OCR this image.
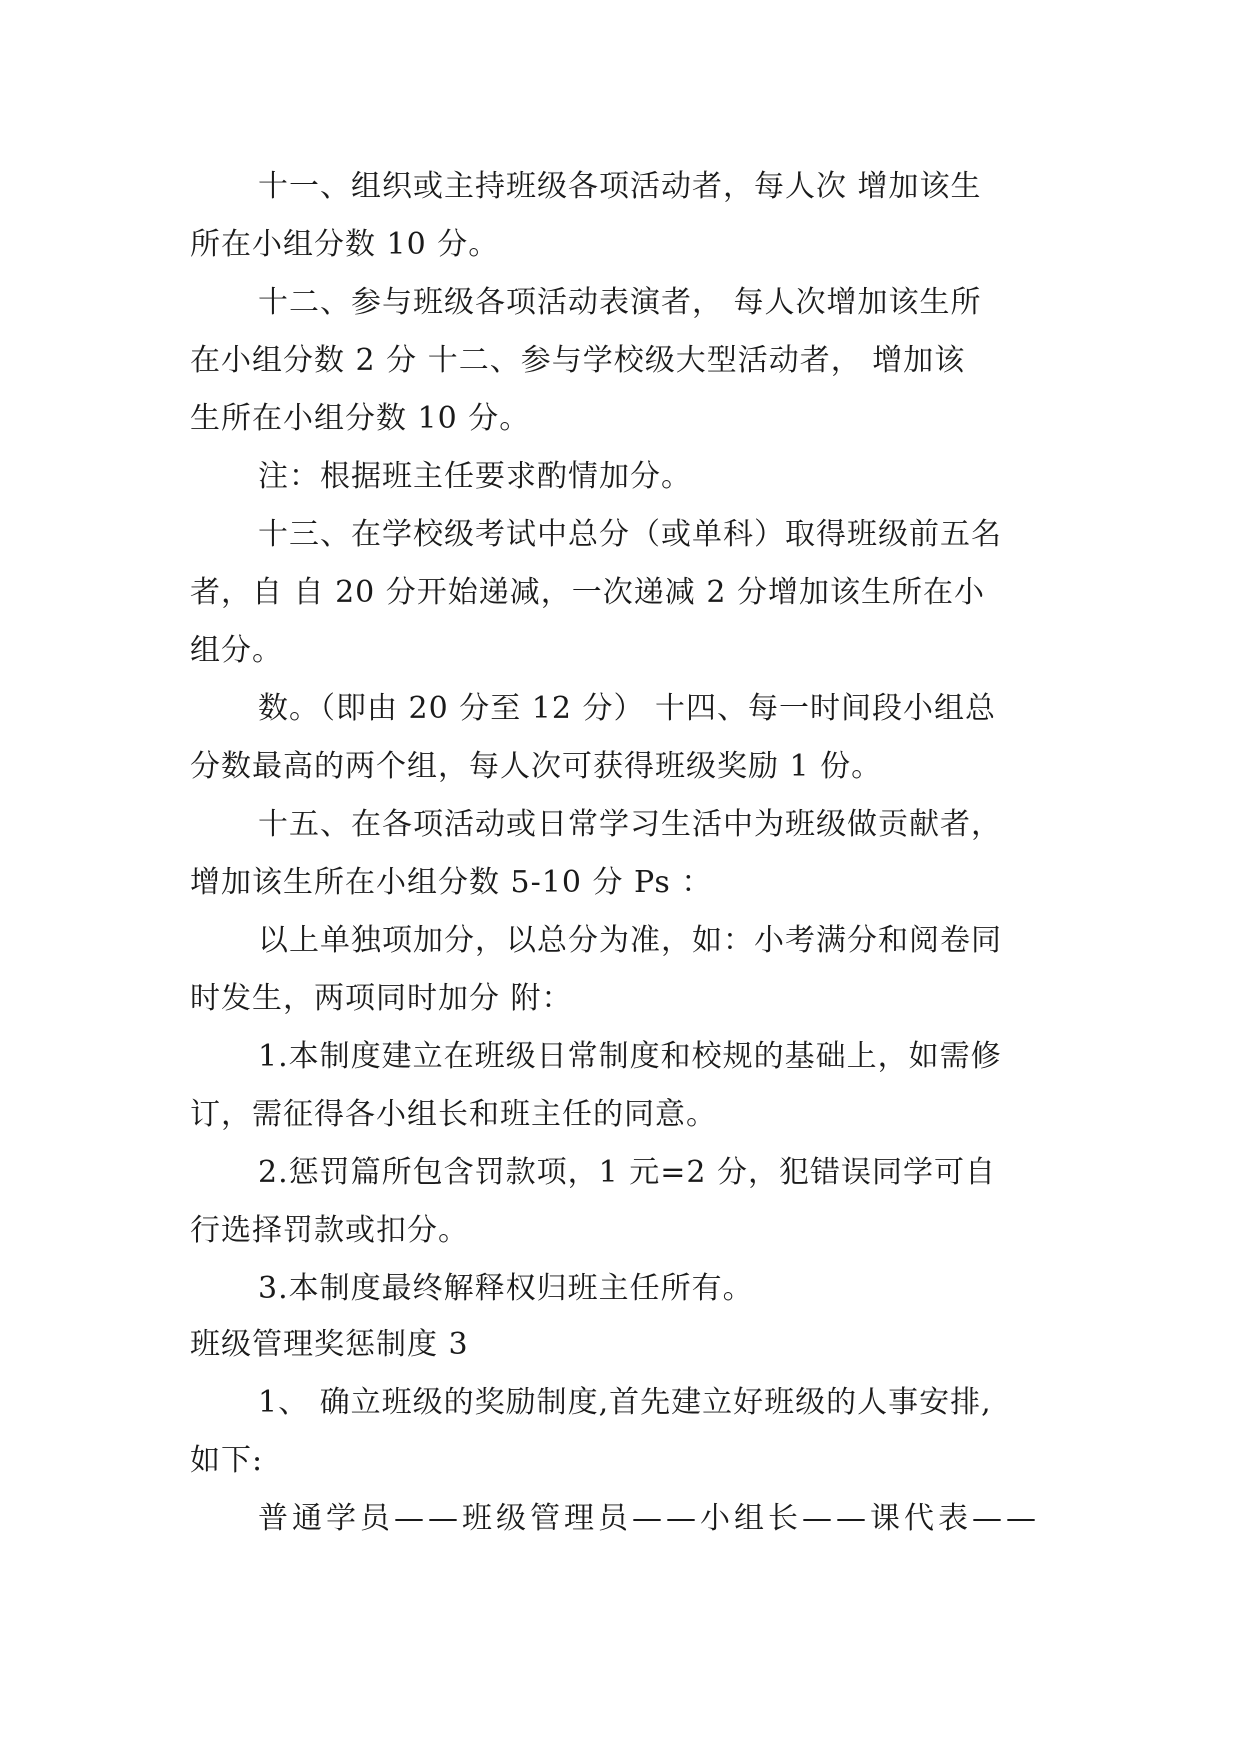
十一、组织或主持班级各项活动者，每人次 增加该生
所在小组分数 10 分。
十二、参与班级各项活动表演者， 每人次增加该生所
在小组分数 2 分 十二、参与学校级大型活动者， 增加该
生所在小组分数 10 分。
注：根据班主任要求酌情加分。
十三、在学校级考试中总分（或单科）取得班级前五名
者，自 自 20 分开始递减，一次递减 2 分增加该生所在小
组分。
数。（即由 20 分至 12 分） 十四、每一时间段小组总
分数最高的两个组，每人次可获得班级奖励 1 份。
十五、在各项活动或日常学习生活中为班级做贡献者，
增加该生所在小组分数 5-10 分 Ps ：
以上单独项加分，以总分为准，如：小考满分和阅卷同
时发生，两项同时加分 附：
1.本制度建立在班级日常制度和校规的基础上，如需修
订，需征得各小组长和班主任的同意。
2.惩罚篇所包含罚款项，1 元=2 分，犯错误同学可自
行选择罚款或扣分。
3.本制度最终解释权归班主任所有。
班级管理奖惩制度 3
1、 确立班级的奖励制度,首先建立好班级的人事安排,
如下:
普通学员——班级管理员——小组长——课代表——
